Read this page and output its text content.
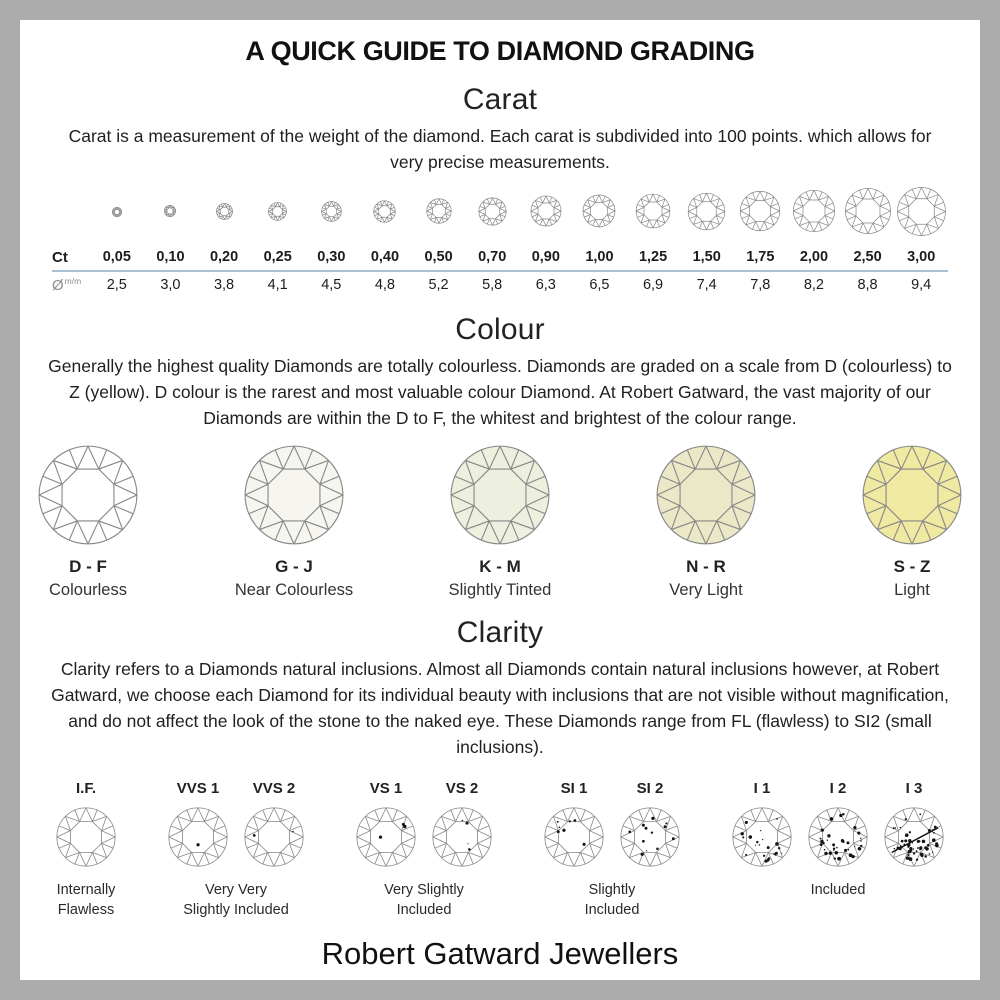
A QUICK GUIDE TO DIAMOND GRADING
Carat

Carat is a measurement of the weight of the diamond. Each carat is subdivided into 100 points. which allows for very precise measurements.

Ct	0,05	0,10	0,20	0,25	0,30	0,40	0,50	0,70	0,90	1,00	1,25	1,50	1,75	2,00	2,50	3,00
$Ø^{m/m}$	2,5	3,0	3,8	4,1	4,5	4,8	5,2	5,8	6,3	6,5	6,9	7,4	7,8	8,2	8,8	9,4
Colour

Generally the highest quality Diamonds are totally colourless. Diamonds are graded on a scale from D (colourless) to Z (yellow). D colour is the rarest and most valuable colour Diamond. At Robert Gatward, the vast majority of our Diamonds are within the D to F, the whitest and brightest of the colour range.

D - F
Colourless
G - J
Near Colourless
K - M
Slightly Tinted
N - R
Very Light
S - Z
Light
Clarity

Clarity refers to a Diamonds natural inclusions. Almost all Diamonds contain natural inclusions however, at Robert Gatward, we choose each Diamond for its individual beauty with inclusions that are not visible without magnification, and do not affect the look of the stone to the naked eye. These Diamonds range from FL (flawless) to SI2 (small inclusions).

I.F.
Internally
Flawless
VVS 1	VVS 2
Very Very
Slightly Included
VS 1	VS 2
Very Slightly
Included
SI 1	SI 2
Slightly
Included
I 1	I 2	I 3
Included
Robert Gatward Jewellers
